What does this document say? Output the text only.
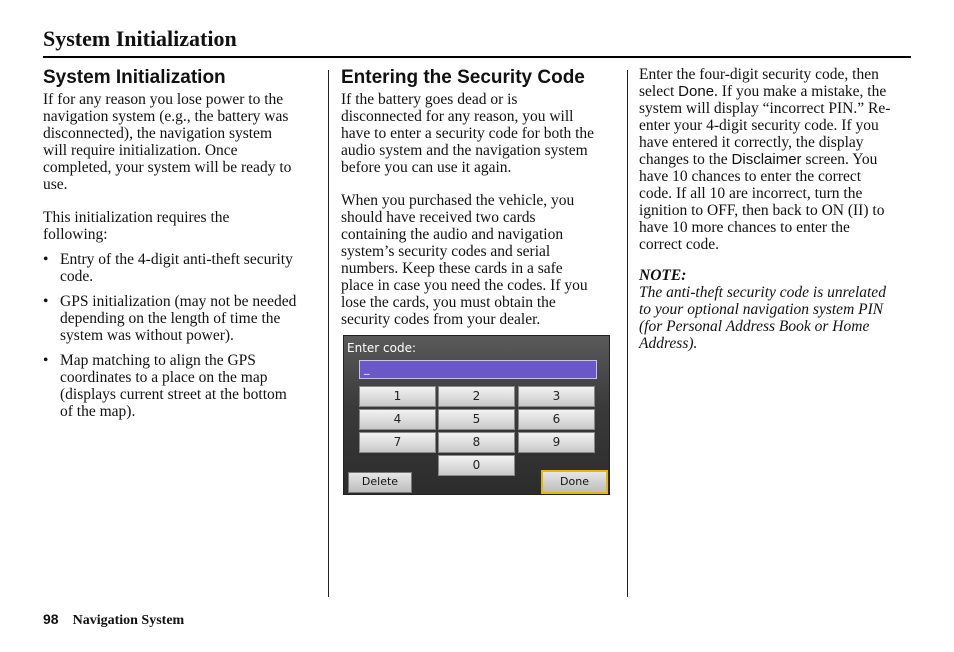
System Initialization
System Initialization

If for any reason you lose power to the
navigation system (e.g., the battery was
disconnected), the navigation system
will require initialization. Once
completed, your system will be ready to
use.

This initialization requires the
following:

• Entry of the 4-digit anti-theft security
code.
• GPS initialization (may not be needed
depending on the length of time the
system was without power).
• Map matching to align the GPS
coordinates to a place on the map
(displays current street at the bottom
of the map).
Entering the Security Code

If the battery goes dead or is
disconnected for any reason, you will
have to enter a security code for both the
audio system and the navigation system
before you can use it again.

When you purchased the vehicle, you
should have received two cards
containing the audio and navigation
system’s security codes and serial
numbers. Keep these cards in a safe
place in case you need the codes. If you
lose the cards, you must obtain the
security codes from your dealer.

Enter code:
_
1	2	3
4	5	6
7	8	9
0
Delete	Done

Enter the four-digit security code, then
select Done. If you make a mistake, the
system will display “incorrect PIN.” Re-
enter your 4-digit security code. If you
have entered it correctly, the display
changes to the Disclaimer screen. You
have 10 chances to enter the correct
code. If all 10 are incorrect, turn the
ignition to OFF, then back to ON (II) to
have 10 more chances to enter the
correct code.

NOTE:

The anti-theft security code is unrelated
to your optional navigation system PIN
(for Personal Address Book or Home
Address).

98 Navigation System
